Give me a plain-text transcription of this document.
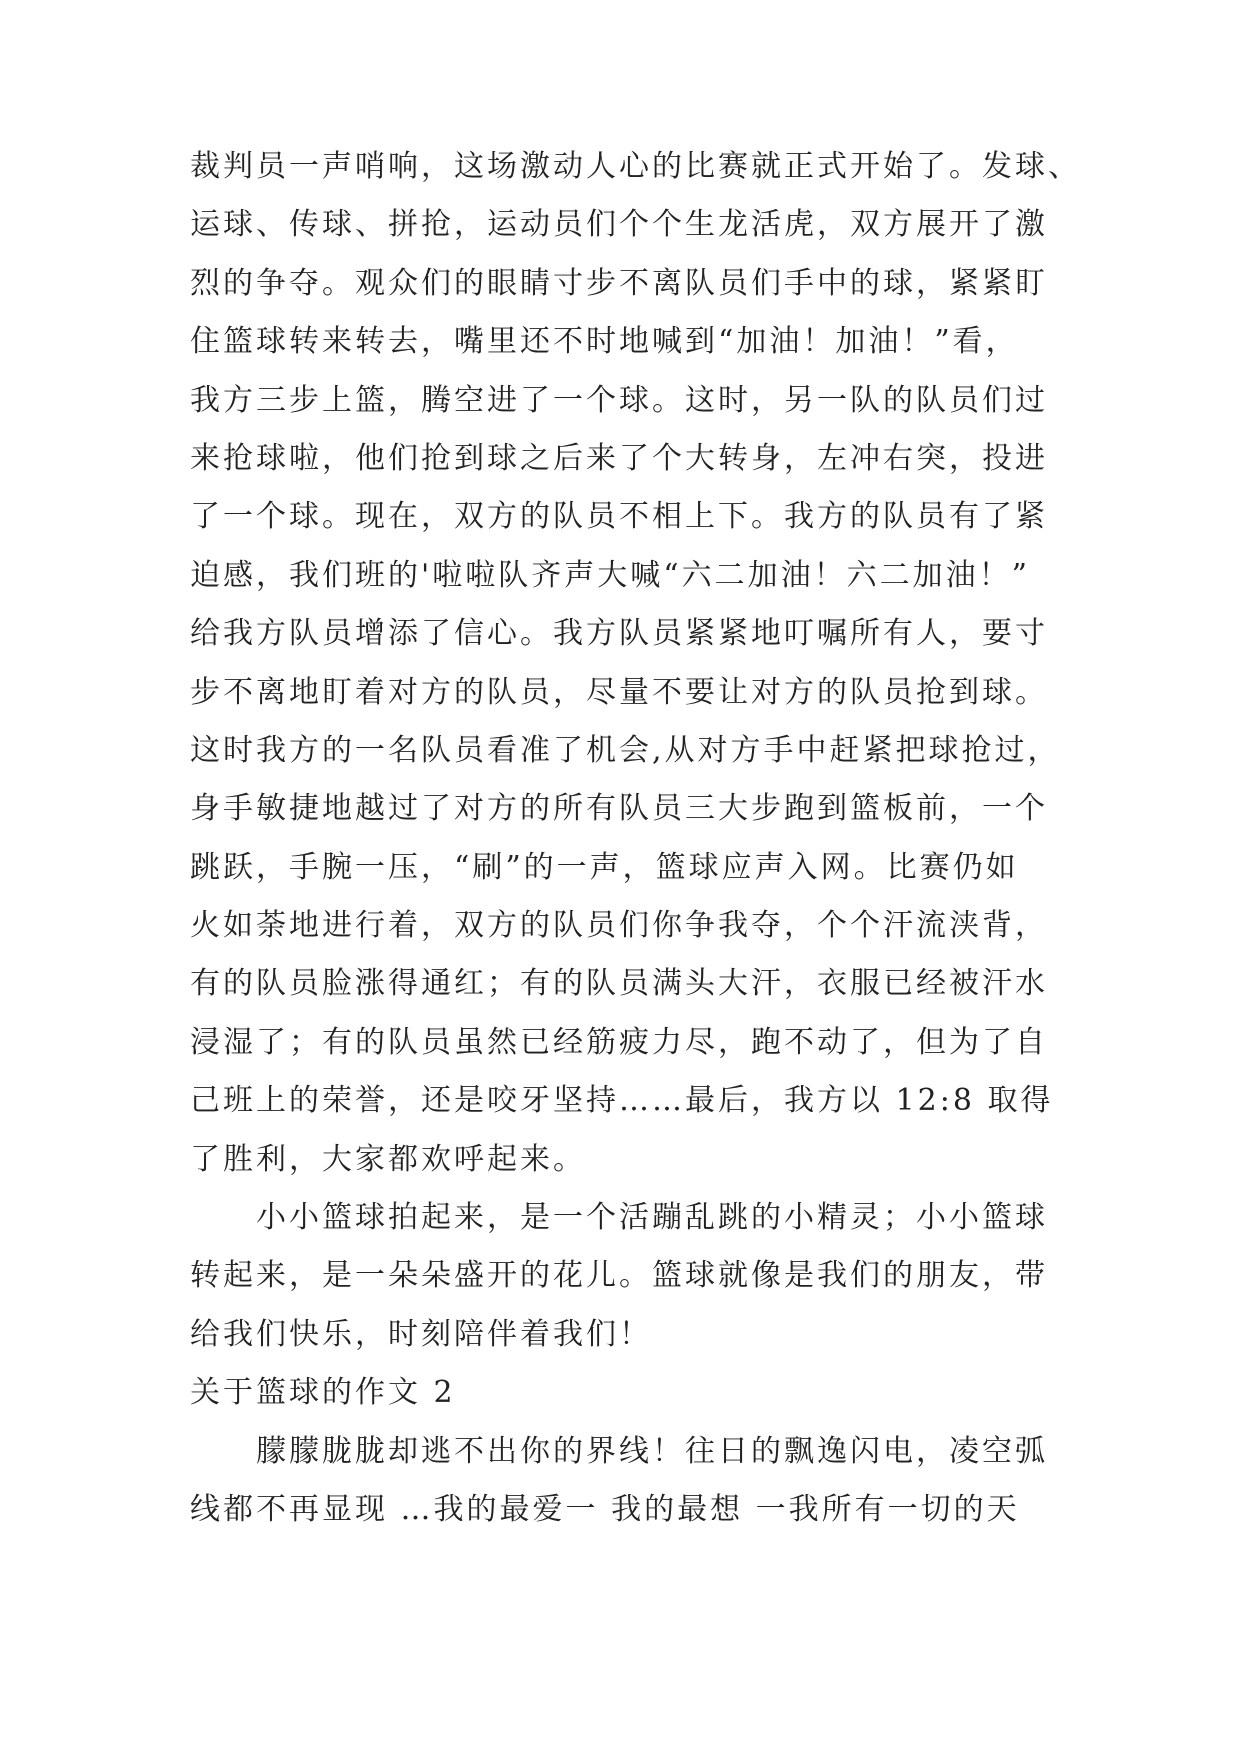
裁判员一声哨响，这场激动人心的比赛就正式开始了。发球、
运球、传球、拼抢，运动员们个个生龙活虎，双方展开了激
烈的争夺。观众们的眼睛寸步不离队员们手中的球，紧紧盯
住篮球转来转去，嘴里还不时地喊到“加油！加油！”看，
我方三步上篮，腾空进了一个球。这时，另一队的队员们过
来抢球啦，他们抢到球之后来了个大转身，左冲右突，投进
了一个球。现在，双方的队员不相上下。我方的队员有了紧
迫感，我们班的'啦啦队齐声大喊“六二加油！六二加油！”
给我方队员增添了信心。我方队员紧紧地叮嘱所有人，要寸
步不离地盯着对方的队员，尽量不要让对方的队员抢到球。
这时我方的一名队员看准了机会,从对方手中赶紧把球抢过，
身手敏捷地越过了对方的所有队员三大步跑到篮板前，一个
跳跃，手腕一压，“刷”的一声，篮球应声入网。比赛仍如
火如荼地进行着，双方的队员们你争我夺，个个汗流浃背，
有的队员脸涨得通红；有的队员满头大汗，衣服已经被汗水
浸湿了；有的队员虽然已经筋疲力尽，跑不动了，但为了自
己班上的荣誉，还是咬牙坚持……最后，我方以 12:8 取得
了胜利，大家都欢呼起来。
小小篮球拍起来，是一个活蹦乱跳的小精灵；小小篮球
转起来，是一朵朵盛开的花儿。篮球就像是我们的朋友，带
给我们快乐，时刻陪伴着我们！
关于篮球的作文 2
朦朦胧胧却逃不出你的界线！往日的飘逸闪电，凌空弧
线都不再显现 …我的最爱一 我的最想 一我所有一切的天
